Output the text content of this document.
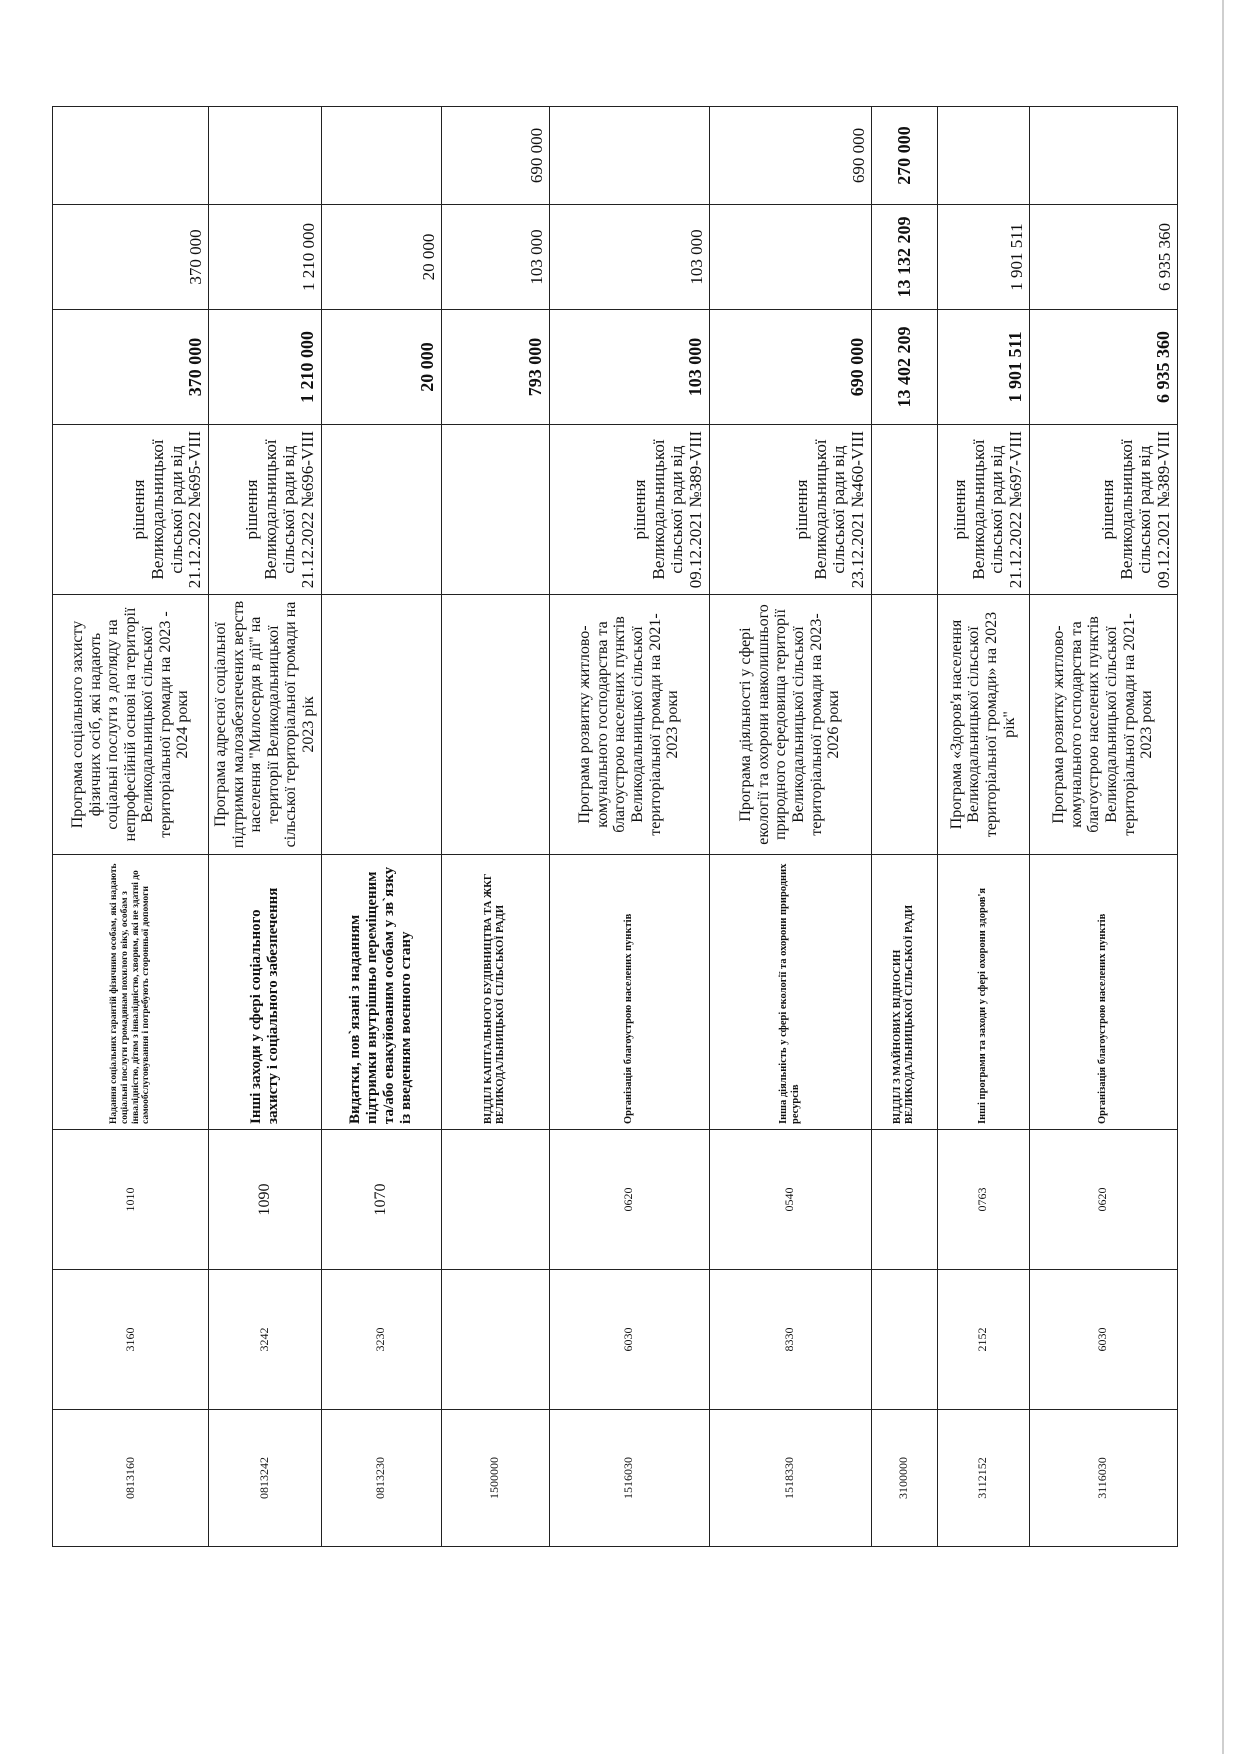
0813160	3160	1010	Надання соціальних гарантій фізичним особам, які надають соціальні послуги громадянам похилого віку, особам з інвалідністю, дітям з інвалідністю, хворим, які не здатні до самообслуговування і потребують сторонньої допомоги	Програма соціального захисту фізичних осіб, які надають соціальні послуги з догляду на непрофесійній основі на території Великодальницької сільської територіальної громади на 2023 - 2024 роки	рішення Великодальницької сільської ради від 21.12.2022 №695-VIII	370 000	370 000		
0813242	3242	1090	Інші заходи у сфері соціального захисту і соціального забезпечення	Програма адресної соціальної підтримки малозабезпечених верств населення "Милосердя в дії" на території Великодальницької сільської територіальної громади на 2023 рік	рішення Великодальницької сільської ради від 21.12.2022 №696-VIII	1 210 000	1 210 000		
0813230	3230	1070	Видатки, пов`язані з наданням підтримки внутрішньо переміщеним та/або евакуйованим особам у зв`язку із введенням воєнного стану			20 000	20 000		
1500000			ВІДДІЛ КАПІТАЛЬНОГО БУДІВНИЦТВА ТА ЖКГ ВЕЛИКОДАЛЬНИЦЬКОЇ СІЛЬСЬКОЇ РАДИ			793 000	103 000	690 000	
1516030	6030	0620	Організація благоустрою населених пунктів	Програма розвитку житлово-комунального господарства та благоустрою населених пунктів Великодальницької сільської територіальної громади на 2021-2023 роки	рішення Великодальницької сільської ради від 09.12.2021 №389-VIII	103 000	103 000		
1518330	8330	0540	Інша діяльність у сфері екології та охорони природних ресурсів	Програма діяльності у сфері екології та охорони навколишнього природного середовища території Великодальницької сільської територіальної громади на 2023-2026 роки	рішення Великодальницької сільської ради від 23.12.2021 №460-VIII	690 000		690 000	
3100000			ВІДДІЛ З МАЙНОВИХ ВІДНОСИН ВЕЛИКОДАЛЬНИЦЬКОЇ СІЛЬСЬКОЇ РАДИ			13 402 209	13 132 209	270 000	
3112152	2152	0763	Інші програми та заходи у сфері охорони здоров'я	Програма «Здоров'я населення Великодальницької сільської територіальної громади» на 2023 рік"	рішення Великодальницької сільської ради від 21.12.2022 №697-VIII	1 901 511	1 901 511		
3116030	6030	0620	Організація благоустрою населених пунктів	Програма розвитку житлово-комунального господарства та благоустрою населених пунктів Великодальницької сільської територіальної громади на 2021-2023 роки	рішення Великодальницької сільської ради від 09.12.2021 №389-VIII	6 935 360	6 935 360		
